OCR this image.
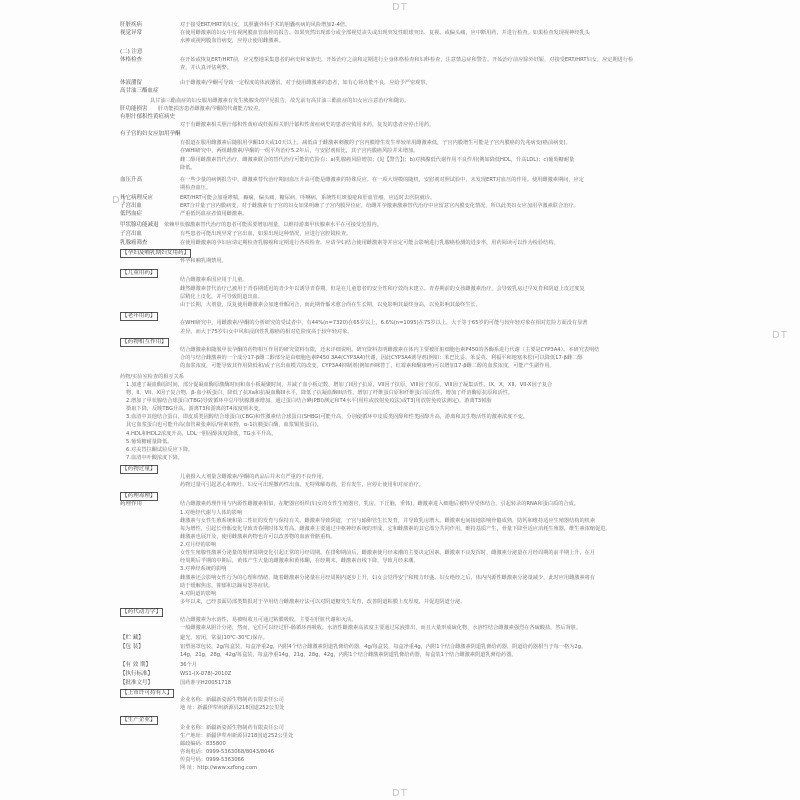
DT
DT
DT
DT
肝脏疾病	对于接受ERT/HRT的妇女，其胆囊外科手术的胆囊疾病的风险增加2-4倍。
视觉异常	在使用雌激素的妇女中有视网膜血管血栓的报告。如果突然出现部分或全部视觉丧失或出现突发性眼球突出、复视、或偏头痛，应中断用药，并进行检查。如果检查发现视神经乳头
水肿或视网膜血管病变，应停止使用雌激素。
(二) 注意
体格检查	在开始或恢复ERT/HRT前，应完整地采集患者的病史和家族史，开始治疗之前和定期进行全身体格检查和妇科检查，注意禁忌症和警告。开始治疗前应除外妊娠，对接受ERT/HRT妇女，应定期进行检
查，并认真评估利弊。
体液潴留	由于雌激素/孕酮可导致一定程度的体液潴留，对于使用雌激素的患者，如有心肾功能不良，应给予严密观察。
高甘油三酯血症
具甘油三酯血症的妇女服用雌激素有发生胰腺炎的罕见报告，故先前有高甘油三酯血症的妇女应注意治疗和随访。
肝功能损害 肝功能损害患者雌激素/孕酮的代谢能力较差。
有胆汁郁积性黄疸病史
对于有雌激素相关胆汁郁积性黄疸或妊娠相关胆汁郁积性黄疸病史的患者应慎用本药，复发的患者应停止用药。
有子宫的妇女应加用孕酮
有报道在服用雌激素后随服用孕酮10天或10天以上，减低由于雌激素刺激的子宫内膜增生发生率较单用雌激素低，子宫内膜增生可能是子宫内膜癌的先兆病变(癌前病变)。
在WHI研究中，两组雌激素/孕酮的一组平均治疗5.2年后，与安慰剂相比，其子宫内膜癌风险并未增加。
雌二醇用雌激素替代治疗，雌激素联合的替代治疗可能的危险有：a)乳腺癌风险增加；(见【警告】)；b)对胰腺低代谢作用不良作用(例如降低HDL，升高LDL)；c)葡萄糖耐量
降低。
血压升高	在一些少量的病例报告中，雌激素替代治疗期间血压升高可能是雌激素的特殊反应。在一项大规模的随机，安慰剂对照试验中，未发现ERT对血压的作用。使用雌激素期间，应定
期检查血压。
其它病理反应	ERT/HRT可能会加重哮喘，癫痫，偏头痛，糖尿病，卟啉病，系统性红斑狼疮和肝血管瘤，应适时去医院就诊。
子宫出血	ERT合并量子宫内膜病变，对于雌激素有子宫的妇女如果明确了子宫内膜异位症，给雌并孕激素激素替代治疗中应留意宫内膜变化情况。所以此类妇女应加用孕激素联合治疗。
低钙血症	严重低钙血症者慎用雌激素。
甲状腺功能减退 依赖甲状腺激素替代治疗的患者可能需要增加剂量，以维持游离甲状腺素水平在可接受范围内。
子宫出血	有些患者可能出现异常子宫出血，如果出现这种情况，应进行宫腔镜检查。
乳腺癌筛查	在使用雌激素的孕妇应请定期检查乳腺癌和定期进行各项检查，应请孕妇结合使用雌激素等并应定可能会影响进行乳腺癌检测的进步率，用药阅读可以作为检验结构。
【孕妇及哺乳期妇女用药】
怀孕和哺乳期禁用。
【儿童用药】
结合雌激素系国应用于儿童。
雌然雌激素替代治疗已被用于青春期延迟的青少年以诱导青春期，但是在儿童患者的安全性和疗效尚未建立。青春期前的女孩雌激素治疗，会导致乳房过早发育和阴道上皮过度复
层精化上皮化，并可导致阴道出血。
由于长期，大剂量，反复使用雌激素会加速骨骺闭合，而此期骨骺未愈合尚在生长期，以免影响其最终身高，以免影响其最终生长。
【老年用药】
在WHI研究中，用雌激素/孕酮的分析研究的受试者中，有44%(n=7320)在65岁以上，6.6%(n=1095)在75岁以上，大于等于65岁的可能与较年轻对象在相对危险方面没有显著
差异。而大于75岁妇女中风和浸润性乳腺癌的相对危险度高于较年轻对象。
【药物相互作用】
结合雌激素和随服甲状孕酮的药物相互作用的研究资料有限，还未详细说明。研究资料表明雌激素在体内主要被肝脏细胞色素P450的各酶系进行代谢（主要是CYP3A4）。本研究表明结
合的与结合雌激素的一个成分17-β雌二醇部分是由细胞色素P450 3A4(CYP3A4)代谢，因此CYP3A4诱导剂(例如：苯巴比妥、苯妥英、利福平和地塞米松)可以降低17-β雌二醇
的血浆浓度，可能导致其作用降低和/或子宫出血模式的改变。CYP3A4抑制剂(例如西咪替丁，红霉素和酮康唑)可以增加17-β雌二醇的血浆浓度，可能产生副作用。
药物/实验室检查的相互关系
1.加速了凝血酶原时间，部分促凝血酶原激酶时间和血小板凝聚时间，并减了血小板记数，增加了II因子抗原，VII因子抗原，VIII因子抗原，VIII因子凝集活性，IX，X，XII，VII-X因子复合
物，II、VII、X因子复合物，β-血小板蛋白，降低了抗Xa和抗凝血酶III水平，降低了抗凝血酶III活性，增加了纤维蛋白原和纤维蛋白原活性，增加了纤溶酶原抗原和活性。
2.增加了甲状腺结合球蛋白(TBG)导致循环中总甲状腺激素增加，通过蛋白结合碘(PBI)测定和T4水平(用柱或放射免疫法)或T3(用放射免疫法测定)，游离T3树脂
摄取下降，反映TBG升高。游离T3和游离的T4浓度则未变。
3.血清中其他结合蛋白，即皮质类固醇结合球蛋白(CBG)和性激素结合球蛋白(SHBG)可能升高，分别使循环中皮质类固醇和性类固醇升高，游离和其生物活性的激素浓度不变。
其它血浆蛋白也可能升高(血管紧张素原/肾素底物，α-1抗胰蛋白酶，血浆铜蓝蛋白)。
4.HDL和HDL2浓度升高，LDL一胆固醇浓度降低，TG水平升高。
5.葡萄糖耐量降低。
6.对美替拉酮试验反应下降。
7.血清中叶酸浓度下降。
【药物过量】
儿童摄入大剂量含雌激素/孕酮的药品后并未有严重的不良作用。
药物过量可引起恶心和呕吐，妇女可出现撤药性出血。无特殊解毒剂，若有发生，应停止使用和对症治疗。
【药理毒理】
药理作用	结合雌激素药理作用与内源性雌激素相似，在靶器官组织(妇女的女性生殖器官，乳房，下丘脑，垂体)，雌激素进入细胞后被特异受体结合，引起转录的RNA和蛋白质的合成。
1.对绝经代谢与人体的影响
雌激素与女性生殖系统和第二性征的发育与保持有关。雌激素导致阴道，子宫与输卵管生长发育，并导致乳房增大。雌激素也间接地影响骨骼成熟，防钙和维持适应生殖器结构的机素
每为增性，引起长骨骺变化导致青春期时体发育高。雌激素主要通过中枢神经系统的形成，它和雌激素的其它部分共同作用，维持基质产生，骨量下降至适应消耗生殖器，维生素浓缩促进。
雌激素也展开及，使用雌激素药物也许可以改善物的血液骨骼重构。
2.对月经的影响
女性生殖腺性激素分泌量的规律周期变化引起正常的月经周期。在排卵期前后，雌激素使月经来潮的主要决定因素。雌激素不良发挥时，雌激素分泌量在月经周期的前半期上升，在月
经周期后半期的中期后，黄体产生大量的雌激素和黄体酮，在经期末，雌激素直线下降，导致月经来潮。
3.对神经系统的影响
雌激素还会影响女性行为的心理和情绪，随着雌激素分泌量在月经周期内逐步上升，妇女会觉得安宁和精力旺盛。妇女绝经之后，体内内源性雌激素分泌量减少，此时应用雌激素将有
助于缓解焦虑，抑郁和急躁易怒等症状。
4.对阴道的影响
多年以来，已经表面局部类数报对于孕用结合雌激素疗法可以对阴道糖发生发育，改善阴道粘膜上皮厚度，并促进阴道分泌。
【药代动力学】
结合雌激素为水溶性，易被吸收且可通过粘膜吸收。主要在肝脏代谢和灭活。
一般雌激素从胆汁分泌，然而，它们可以经过肝-肠循环再吸收。水溶性雌激素高浓度主要通过尿液排出，而且大量形成硫化物，水溶性结合雌激素强烈在各硫酸盐，然后肾脏。
【贮 藏】	避光，密闭，常温(10℃-30℃)保存。
【包 装】	铝塑泡罩包装，2g/每盒装，每盒净重2g，内附4个结合雌激素阴道乳膏给药器，4g/每盒装，每盒净重4g，内附1个结合雌激素阴道乳膏给药器，阴道给药器相当于每一格为2g。
14g，21g，28g，42g/每盒装，每盒净重14g，21g，28g，42g，内附1个结合雌激素阴道乳膏给药器，每盒装1个结合雌激素阴道乳膏给药器。
【有 效 期】	36个月
【执行标准】	WS1-(X-078)-2010Z
【批准文号】	国药准字H20051718
【上市许可持有人】
企业名称：新疆新姿源生物制药有限责任公司
地 址：新疆伊犁州新源县218国道252公里处
【生产企业】
企业名称：新疆新姿源生物制药有限责任公司
生产地址：新疆伊犁州新源县218国道252公里处
邮政编码：835800
咨询电话：0999-5363068/8043/8046
传真号码：0999-5363066
网 址：http://www.xzfong.com
